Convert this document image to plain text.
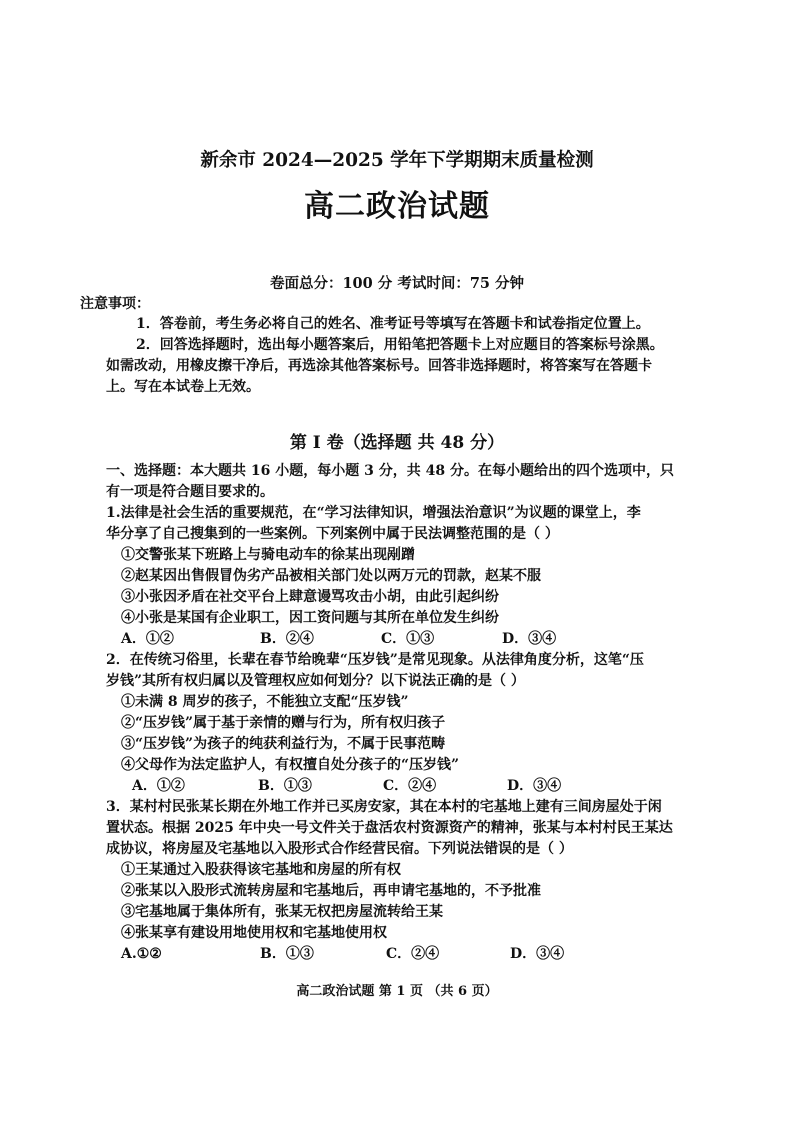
新余市 2024—2025 学年下学期期末质量检测
高二政治试题
卷面总分：100 分 考试时间：75 分钟
注意事项：
1．答卷前，考生务必将自己的姓名、准考证号等填写在答题卡和试卷指定位置上。
2．回答选择题时，选出每小题答案后，用铅笔把答题卡上对应题目的答案标号涂黑。
如需改动，用橡皮擦干净后，再选涂其他答案标号。回答非选择题时，将答案写在答题卡
上。写在本试卷上无效。
第 I 卷（选择题 共 48 分）
一、选择题：本大题共 16 小题，每小题 3 分，共 48 分。在每小题给出的四个选项中，只
有一项是符合题目要求的。
1.法律是社会生活的重要规范，在“学习法律知识，增强法治意识”为议题的课堂上，李
华分享了自己搜集到的一些案例。下列案例中属于民法调整范围的是（ ）
①交警张某下班路上与骑电动车的徐某出现剐蹭
②赵某因出售假冒伪劣产品被相关部门处以两万元的罚款，赵某不服
③小张因矛盾在社交平台上肆意谩骂攻击小胡，由此引起纠纷
④小张是某国有企业职工，因工资问题与其所在单位发生纠纷
A．①②	B．②④	C．①③	D．③④
2．在传统习俗里，长辈在春节给晚辈“压岁钱”是常见现象。从法律角度分析，这笔“压
岁钱”其所有权归属以及管理权应如何划分？以下说法正确的是（ ）
①未满 8 周岁的孩子，不能独立支配“压岁钱”
②“压岁钱”属于基于亲情的赠与行为，所有权归孩子
③“压岁钱”为孩子的纯获利益行为，不属于民事范畴
④父母作为法定监护人，有权擅自处分孩子的“压岁钱”
A．①②	B．①③	C．②④	D．③④
3．某村村民张某长期在外地工作并已买房安家，其在本村的宅基地上建有三间房屋处于闲
置状态。根据 2025 年中央一号文件关于盘活农村资源资产的精神，张某与本村村民王某达
成协议，将房屋及宅基地以入股形式合作经营民宿。下列说法错误的是（ ）
①王某通过入股获得该宅基地和房屋的所有权
②张某以入股形式流转房屋和宅基地后，再申请宅基地的，不予批准
③宅基地属于集体所有，张某无权把房屋流转给王某
④张某享有建设用地使用权和宅基地使用权
A.①②	B．①③	C．②④	D．③④
高二政治试题 第 1 页 （共 6 页）
